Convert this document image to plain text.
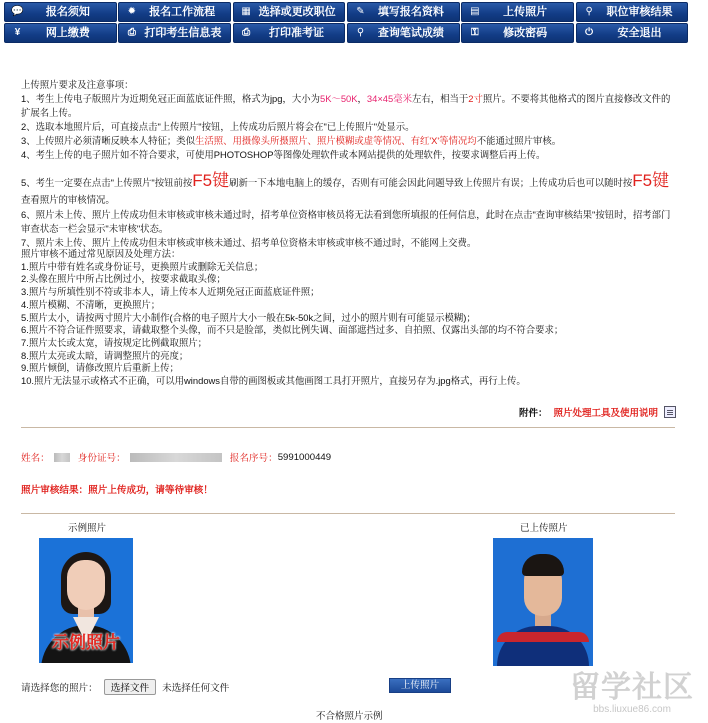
💬	报名须知	✹	报名工作流程	▦ 选择或更改职位	✎	填写报名资料	▤	上传照片	⚲	职位审核结果
¥	网上缴费	⎙ 打印考生信息表	⎙	打印准考证	⚲	查询笔试成绩	⚿	修改密码	⏻	安全退出

上传照片要求及注意事项：

1、考生上传电子版照片为近期免冠正面蓝底证件照，格式为jpg，大小为5K～50K，34×45毫米左右，相当于2寸照片。不要将其他格式的图片直接修改文件的扩展名上传。

2、选取本地照片后，可直接点击"上传照片"按钮，上传成功后照片将会在"已上传照片"处显示。

3、上传照片必须清晰反映本人特征；类似生活照、用摄像头所摄照片、照片模糊或虚等情况、有红'X'等情况均不能通过照片审核。

4、考生上传的电子照片如不符合要求，可使用PHOTOSHOP等图像处理软件或本网站提供的处理软件，按要求调整后再上传。

5、考生一定要在点击"上传照片"按钮前按F5键刷新一下本地电脑上的缓存，否则有可能会因此问题导致上传照片有误；上传成功后也可以随时按F5键查看照片的审核情况。

6、照片未上传、照片上传成功但未审核或审核未通过时，招考单位资格审核员将无法看到您所填报的任何信息，此时在点击"查询审核结果"按钮时，招考部门审查状态一栏会显示"未审核"状态。

7、照片未上传、照片上传成功但未审核或审核未通过、招考单位资格未审核或审核不通过时，不能网上交费。

照片审核不通过常见原因及处理方法：

1.照片中带有姓名或身份证号，更换照片或删除无关信息；

2.头像在照片中所占比例过小，按要求截取头像；

3.照片与所填性别不符或非本人，请上传本人近期免冠正面蓝底证件照；

4.照片模糊、不清晰，更换照片；

5.照片太小，请按两寸照片大小制作(合格的电子照片大小一般在5k-50k之间，过小的照片则有可能显示模糊)；

6.照片不符合证件照要求，请截取整个头像，而不只是脸部，类似比例失调、面部遮挡过多、自拍照、仅露出头部的均不符合要求；

7.照片太长或太宽，请按规定比例截取照片；

8.照片太亮或太暗，请调整照片的亮度；

9.照片倾倒，请修改照片后重新上传；

10.照片无法显示或格式不正确，可以用windows自带的画图板或其他画图工具打开照片，直接另存为.jpg格式，再行上传。

附件： 照片处理工具及使用说明
姓名：	身份证号：	报名序号： 5991000449
照片审核结果：照片上传成功，请等待审核！
示例照片	已上传照片
示例照片
请选择您的照片：	选择文件	未选择任何文件	上传照片
不合格照片示例
留学社区
bbs.liuxue86.com
